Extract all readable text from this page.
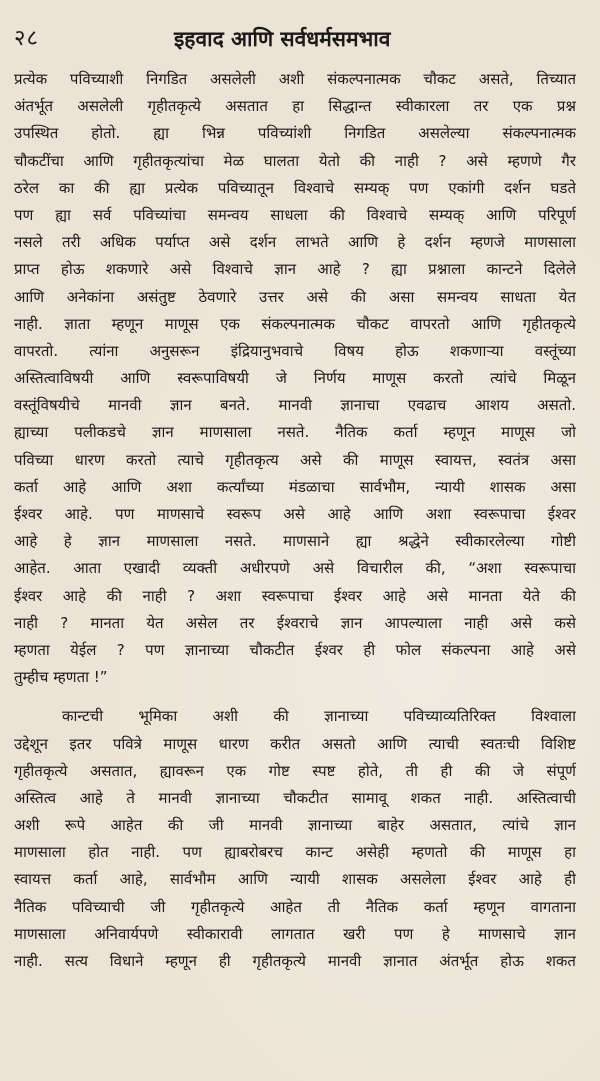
२८	इहवाद आणि सर्वधर्मसमभाव
प्रत्येक पविच्याशी निगडित असलेली अशी संकल्पनात्मक चौकट असते, तिच्यात
अंतर्भूत असलेली गृहीतकृत्ये असतात हा सिद्धान्त स्वीकारला तर एक प्रश्न
उपस्थित होतो. ह्या भिन्न पविच्यांशी निगडित असलेल्या संकल्पनात्मक
चौकटींचा आणि गृहीतकृत्यांचा मेळ घालता येतो की नाही ? असे म्हणणे गैर
ठरेल का की ह्या प्रत्येक पविच्यातून विश्वाचे सम्यक् पण एकांगी दर्शन घडते
पण ह्या सर्व पविच्यांचा समन्वय साधला की विश्वाचे सम्यक् आणि परिपूर्ण
नसले तरी अधिक पर्याप्त असे दर्शन लाभते आणि हे दर्शन म्हणजे माणसाला
प्राप्त होऊ शकणारे असे विश्वाचे ज्ञान आहे ? ह्या प्रश्नाला कान्टने दिलेले
आणि अनेकांना असंतुष्ट ठेवणारे उत्तर असे की असा समन्वय साधता येत
नाही. ज्ञाता म्हणून माणूस एक संकल्पनात्मक चौकट वापरतो आणि गृहीतकृत्ये
वापरतो. त्यांना अनुसरून इंद्रियानुभवाचे विषय होऊ शकणाऱ्या वस्तूंच्या
अस्तित्वाविषयी आणि स्वरूपाविषयी जे निर्णय माणूस करतो त्यांचे मिळून
वस्तूंविषयीचे मानवी ज्ञान बनते. मानवी ज्ञानाचा एवढाच आशय असतो.
ह्याच्या पलीकडचे ज्ञान माणसाला नसते. नैतिक कर्ता म्हणून माणूस जो
पविच्या धारण करतो त्याचे गृहीतकृत्य असे की माणूस स्वायत्त, स्वतंत्र असा
कर्ता आहे आणि अशा कर्त्यांच्या मंडळाचा सार्वभौम, न्यायी शासक असा
ईश्वर आहे. पण माणसाचे स्वरूप असे आहे आणि अशा स्वरूपाचा ईश्वर
आहे हे ज्ञान माणसाला नसते. माणसाने ह्या श्रद्धेने स्वीकारलेल्या गोष्टी
आहेत. आता एखादी व्यक्ती अधीरपणे असे विचारील की, “अशा स्वरूपाचा
ईश्वर आहे की नाही ? अशा स्वरूपाचा ईश्वर आहे असे मानता येते की
नाही ? मानता येत असेल तर ईश्वराचे ज्ञान आपल्याला नाही असे कसे
म्हणता येईल ? पण ज्ञानाच्या चौकटीत ईश्वर ही फोल संकल्पना आहे असे
तुम्हीच म्हणता !”
कान्टची भूमिका अशी की ज्ञानाच्या पविच्याव्यतिरिक्त विश्वाला
उद्देशून इतर पवित्रे माणूस धारण करीत असतो आणि त्याची स्वतःची विशिष्ट
गृहीतकृत्ये असतात, ह्यावरून एक गोष्ट स्पष्ट होते, ती ही की जे संपूर्ण
अस्तित्व आहे ते मानवी ज्ञानाच्या चौकटीत सामावू शकत नाही. अस्तित्वाची
अशी रूपे आहेत की जी मानवी ज्ञानाच्या बाहेर असतात, त्यांचे ज्ञान
माणसाला होत नाही. पण ह्याबरोबरच कान्ट असेही म्हणतो की माणूस हा
स्वायत्त कर्ता आहे, सार्वभौम आणि न्यायी शासक असलेला ईश्वर आहे ही
नैतिक पविच्याची जी गृहीतकृत्ये आहेत ती नैतिक कर्ता म्हणून वागताना
माणसाला अनिवार्यपणे स्वीकारावी लागतात खरी पण हे माणसाचे ज्ञान
नाही. सत्य विधाने म्हणून ही गृहीतकृत्ये मानवी ज्ञानात अंतर्भूत होऊ शकत
